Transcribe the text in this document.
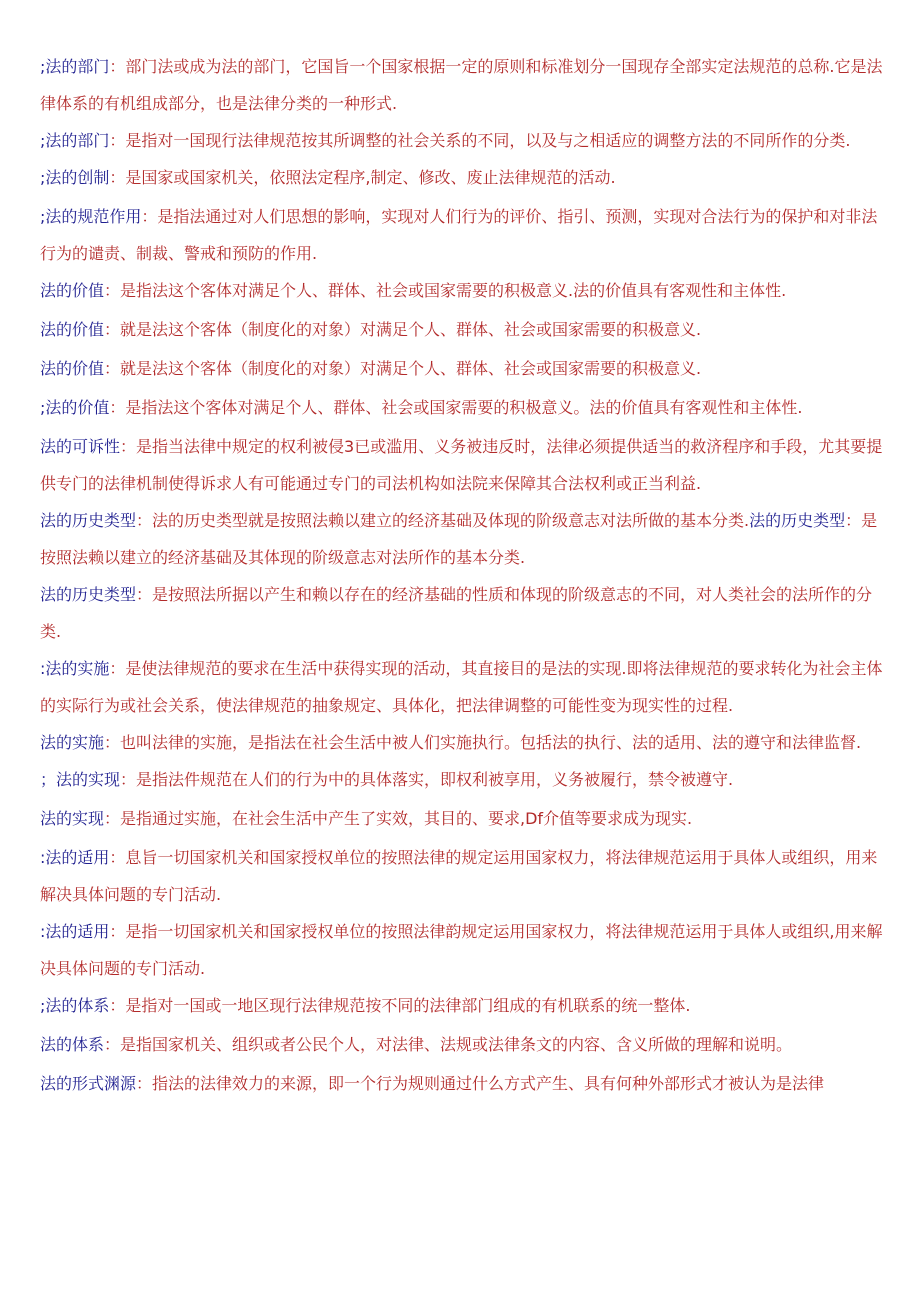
;法的部门：部门法或成为法的部门，它国旨一个国家根据一定的原则和标准划分一国现存全部实定法规范的总称.它是法律体系的有机组成部分，也是法律分类的一种形式.

;法的部门：是指对一国现行法律规范按其所调整的社会关系的不同，以及与之相适应的调整方法的不同所作的分类.

;法的创制：是国家或国家机关，依照法定程序,制定、修改、废止法律规范的活动.

;法的规范作用：是指法通过对人们思想的影响，实现对人们行为的评价、指引、预测，实现对合法行为的保护和对非法行为的谴责、制裁、警戒和预防的作用.

法的价值：是指法这个客体对满足个人、群体、社会或国家需要的积极意义.法的价值具有客观性和主体性.

法的价值：就是法这个客体（制度化的对象）对满足个人、群体、社会或国家需要的积极意义.

法的价值：就是法这个客体（制度化的对象）对满足个人、群体、社会或国家需要的积极意义.

;法的价值：是指法这个客体对满足个人、群体、社会或国家需要的积极意义。法的价值具有客观性和主体性.

法的可诉性：是指当法律中规定的权利被侵3已或滥用、义务被违反时，法律必须提供适当的救济程序和手段，尤其要提供专门的法律机制使得诉求人有可能通过专门的司法机构如法院来保障其合法权利或正当利益.

法的历史类型：法的历史类型就是按照法赖以建立的经济基础及体现的阶级意志对法所做的基本分类.法的历史类型：是按照法赖以建立的经济基础及其体现的阶级意志对法所作的基本分类.

法的历史类型：是按照法所据以产生和赖以存在的经济基础的性质和体现的阶级意志的不同，对人类社会的法所作的分类.

:法的实施：是使法律规范的要求在生活中获得实现的活动，其直接目的是法的实现.即将法律规范的要求转化为社会主体的实际行为或社会关系，使法律规范的抽象规定、具体化，把法律调整的可能性变为现实性的过程.

法的实施：也叫法律的实施，是指法在社会生活中被人们实施执行。包括法的执行、法的适用、法的遵守和法律监督.

；法的实现：是指法件规范在人们的行为中的具体落实，即权利被享用，义务被履行，禁令被遵守.

法的实现：是指通过实施，在社会生活中产生了实效，其目的、要求,Df介值等要求成为现实.

:法的适用：息旨一切国家机关和国家授权单位的按照法律的规定运用国家权力，将法律规范运用于具体人或组织，用来解决具体问题的专门活动.

:法的适用：是指一切国家机关和国家授权单位的按照法律韵规定运用国家权力，将法律规范运用于具体人或组织,用来解决具体问题的专门活动.

;法的体系：是指对一国或一地区现行法律规范按不同的法律部门组成的有机联系的统一整体.

法的体系：是指国家机关、组织或者公民个人，对法律、法规或法律条文的内容、含义所做的理解和说明。

法的形式渊源：指法的法律效力的来源，即一个行为规则通过什么方式产生、具有何种外部形式才被认为是法律
